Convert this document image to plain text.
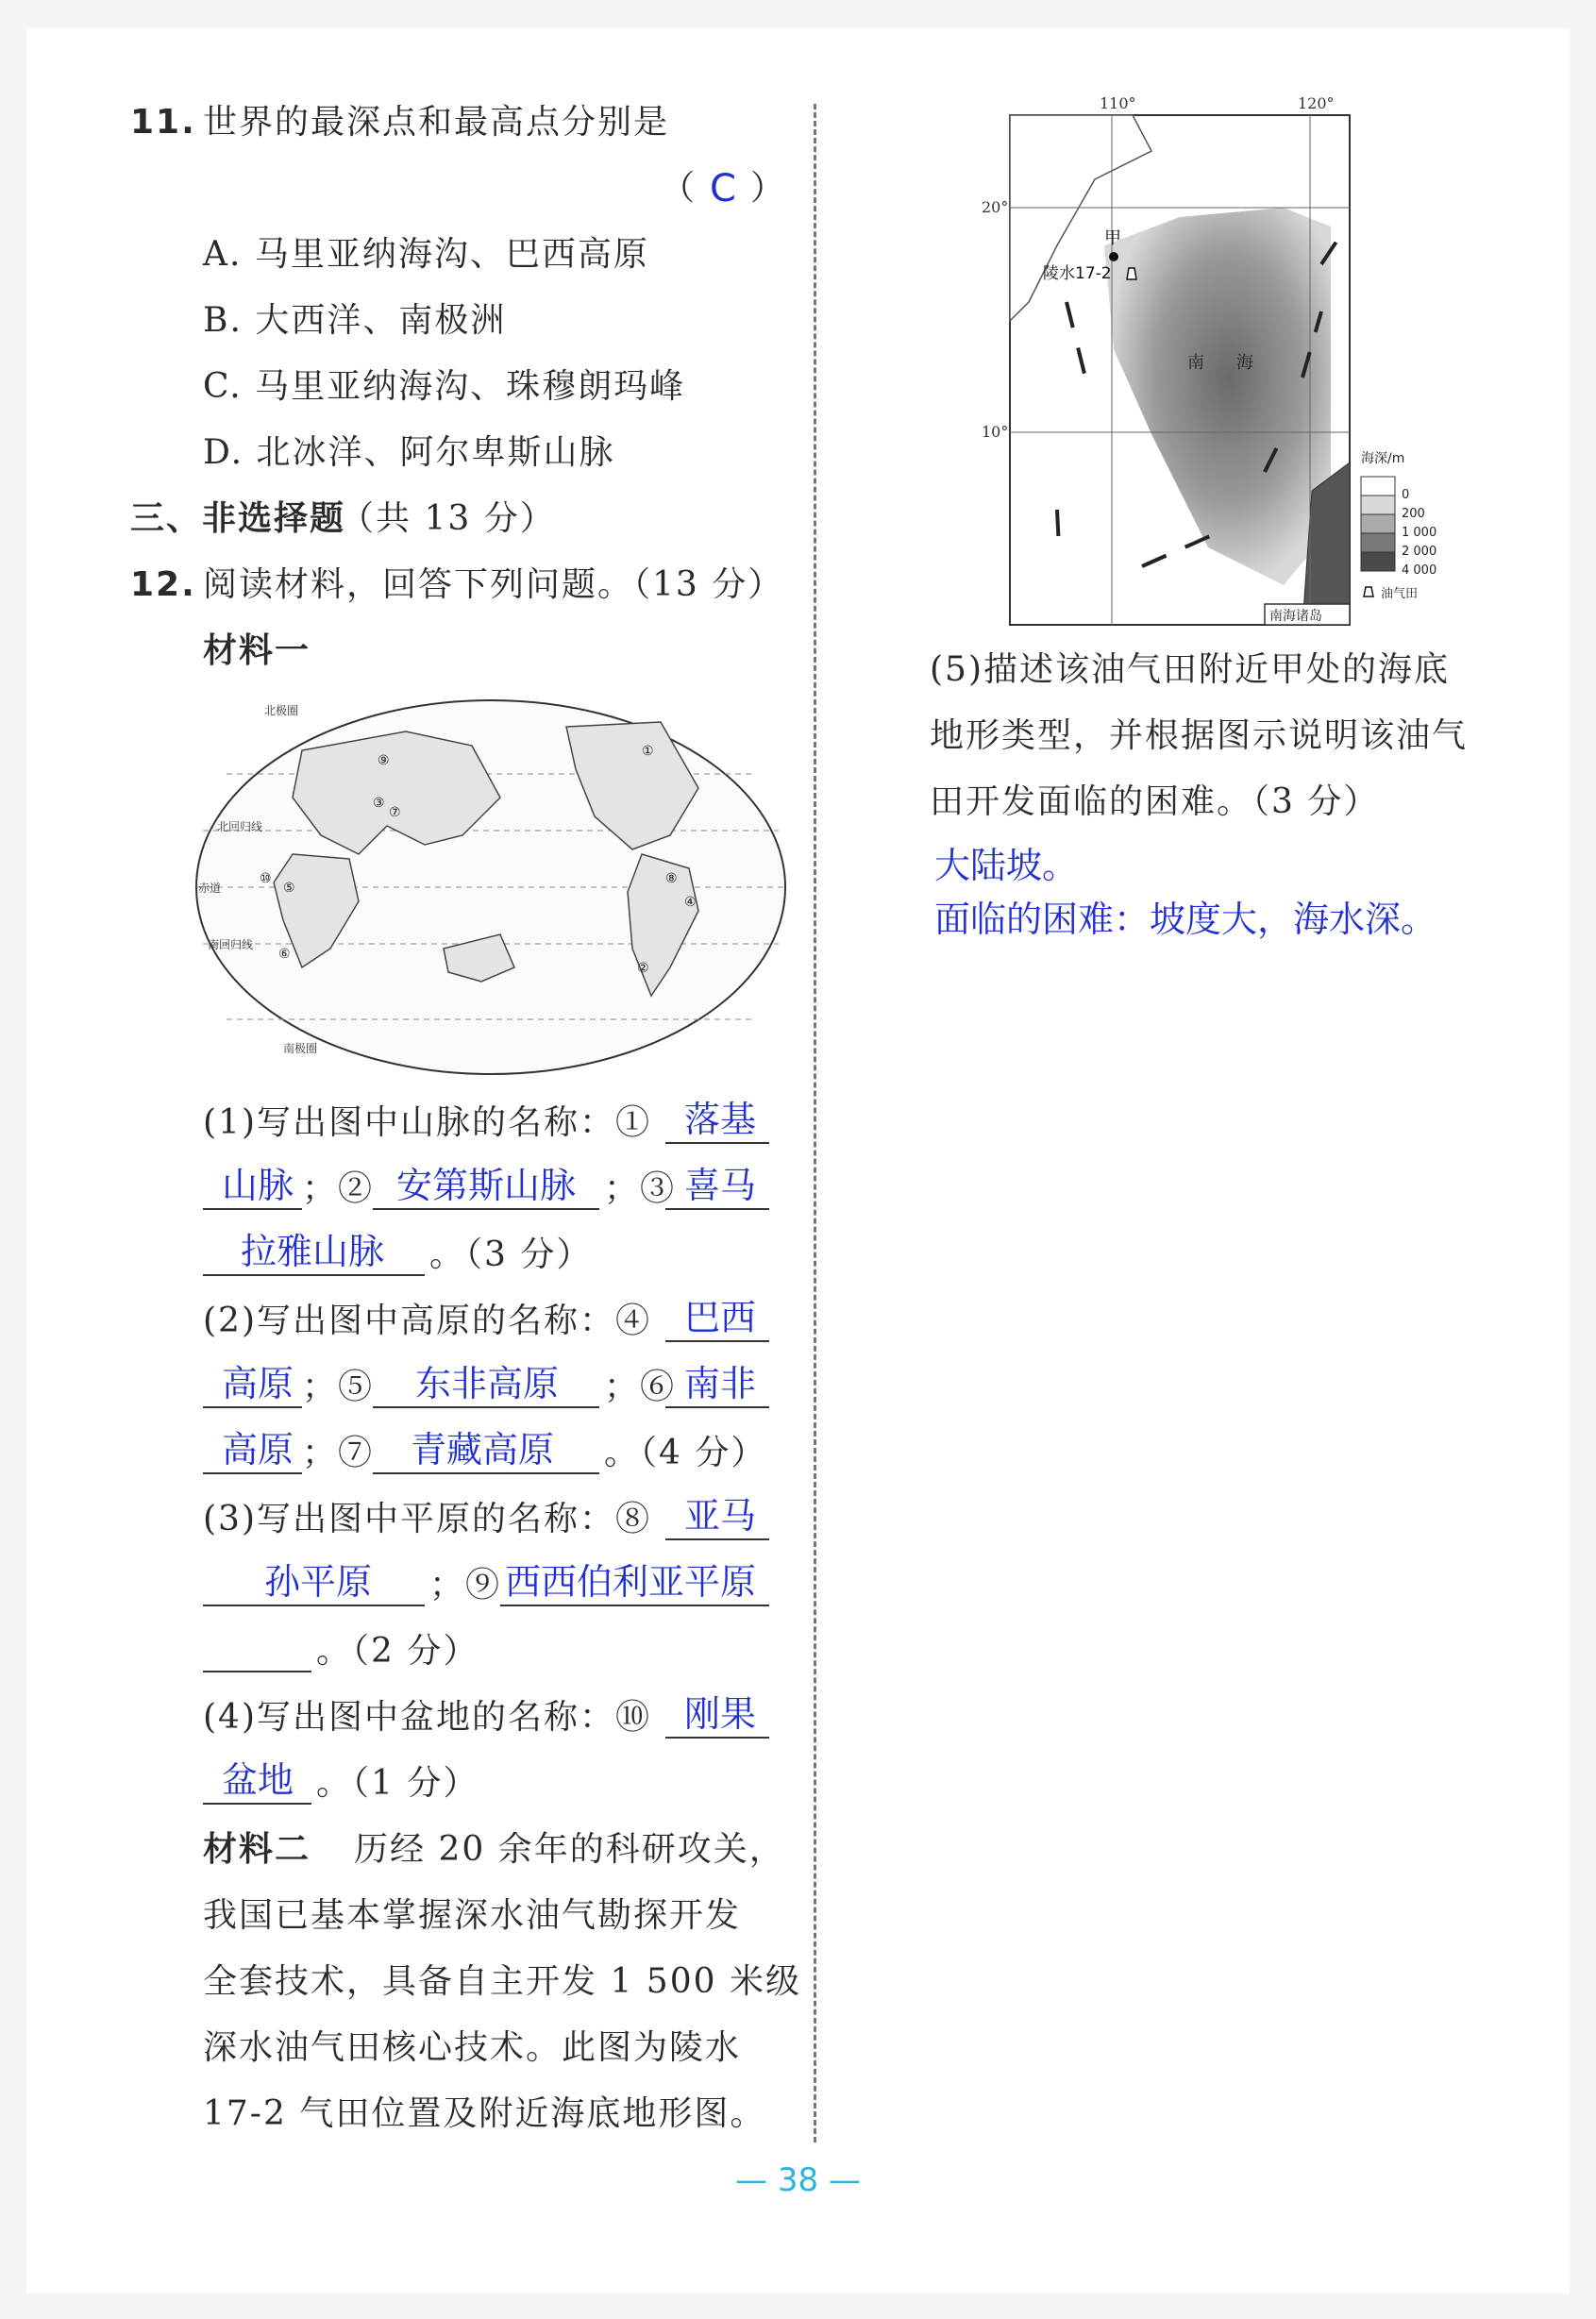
11. 世界的最深点和最高点分别是
（ C ）
A. 马里亚纳海沟、巴西高原
B. 大西洋、南极洲
C. 马里亚纳海沟、珠穆朗玛峰
D. 北冰洋、阿尔卑斯山脉
三、非选择题
（共 13 分）
12. 阅读材料，回答下列问题。（13 分）
材料一
北极圈
北回归线
赤道
南回归线
南极圈
⑨
⑩
⑤
⑥
③
⑦
①
④
⑧
②
(1)写出图中山脉的名称：① 落基
山脉 ；② 安第斯山脉 ；③ 喜马
拉雅山脉 。（3 分）
(2)写出图中高原的名称：④ 巴西
高原 ；⑤ 东非高原 ；⑥ 南非
高原 ；⑦ 青藏高原 。（4 分）
(3)写出图中平原的名称：⑧ 亚马
孙平原 ；⑨ 西西伯利亚平原
。（2 分）
(4)写出图中盆地的名称：⑩ 刚果
盆地 。（1 分）
材料二 历经 20 余年的科研攻关，
我国已基本掌握深水油气勘探开发
全套技术，具备自主开发 1 500 米级
深水油气田核心技术。此图为陵水
17-2 气田位置及附近海底地形图。
110°	120°
20°
10°
甲
陵水17-2
南 海
南海诸岛
海深/m
0
200
1 000
2 000
4 000
油气田
(5)描述该油气田附近甲处的海底
地形类型，并根据图示说明该油气
田开发面临的困难。（3 分）
大陆坡。
面临的困难：坡度大，海水深。
— 38 —
